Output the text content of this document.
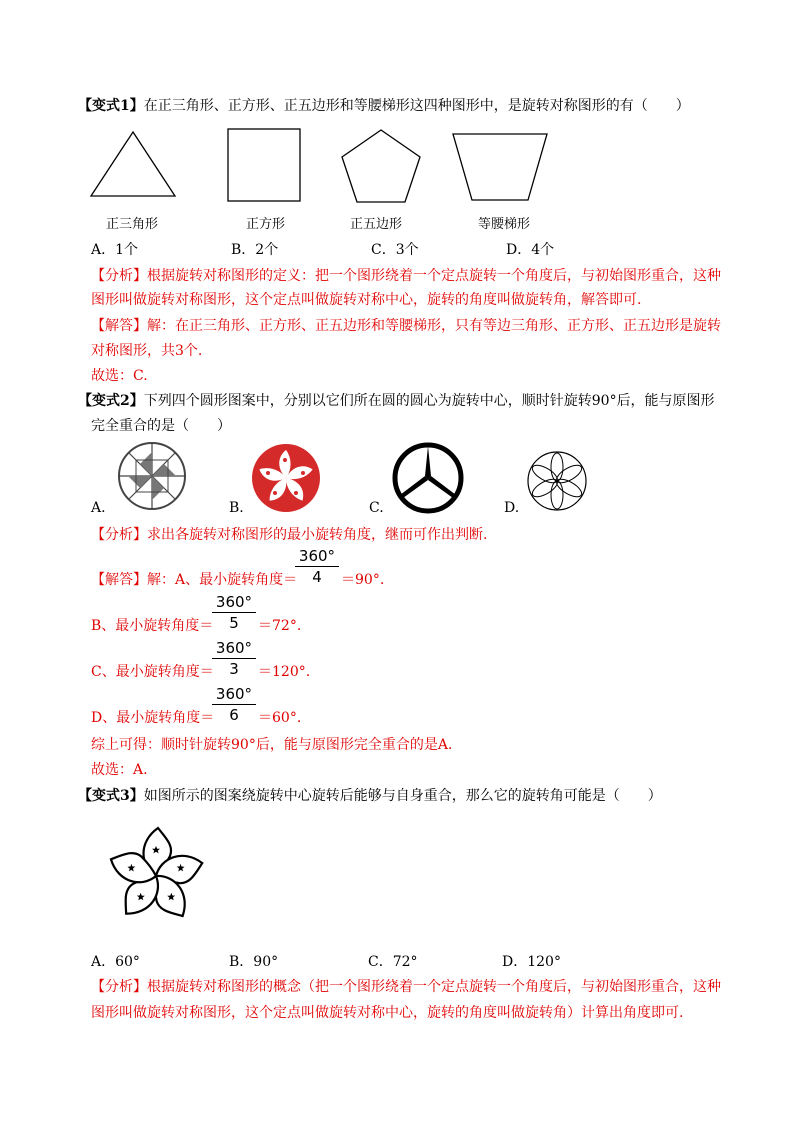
【变式1】在正三角形、正方形、正五边形和等腰梯形这四种图形中，是旋转对称图形的有（　　）
正三角形	正方形	正五边形	等腰梯形
A．1个	B．2个	C．3个	D．4个
【分析】根据旋转对称图形的定义：把一个图形绕着一个定点旋转一个角度后，与初始图形重合，这种
图形叫做旋转对称图形，这个定点叫做旋转对称中心，旋转的角度叫做旋转角，解答即可.
【解答】解：在正三角形、正方形、正五边形和等腰梯形，只有等边三角形、正方形、正五边形是旋转
对称图形，共3个.
故选：C.
【变式2】下列四个圆形图案中，分别以它们所在圆的圆心为旋转中心，顺时针旋转90°后，能与原图形
完全重合的是（　　）
A.	B.	C.	D.
【分析】求出各旋转对称图形的最小旋转角度，继而可作出判断.
【解答】解：A、最小旋转角度＝
360°
4	＝90°.
B、最小旋转角度＝
360°
5	＝72°.
C、最小旋转角度＝
360°
3	＝120°.
D、最小旋转角度＝
360°
6	＝60°.
综上可得：顺时针旋转90°后，能与原图形完全重合的是A.
故选：A.
【变式3】如图所示的图案绕旋转中心旋转后能够与自身重合，那么它的旋转角可能是（　　）
A．60°	B．90°	C．72°	D．120°
【分析】根据旋转对称图形的概念（把一个图形绕着一个定点旋转一个角度后，与初始图形重合，这种
图形叫做旋转对称图形，这个定点叫做旋转对称中心，旋转的角度叫做旋转角）计算出角度即可.
